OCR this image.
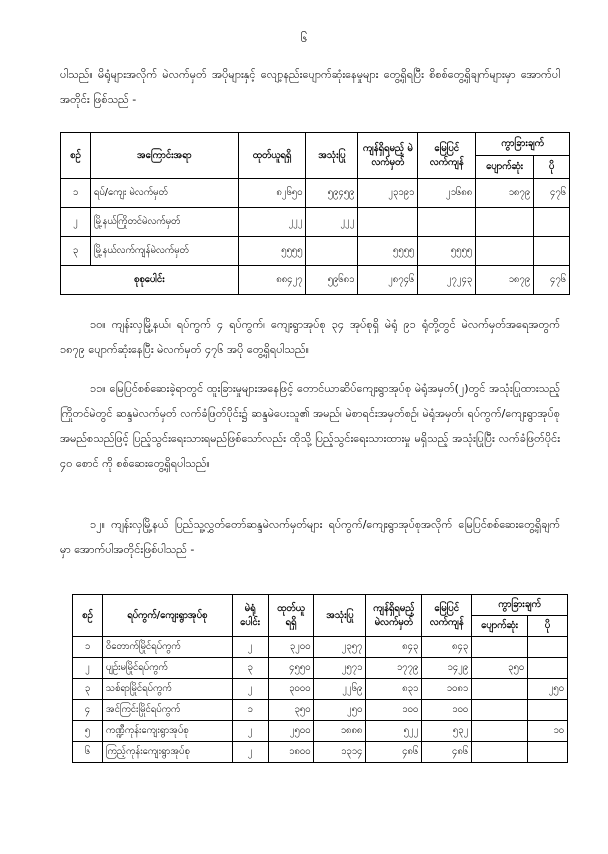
၆

ပါသည်။ မိရုံများအလိုက် မဲလက်မှတ် အပိုများနှင့် လျော့နည်းပျောက်ဆုံးနေမှုများ တွေ့ရှိရပြီး စိစစ်တွေ့ရှိချက်များမှာ အောက်ပါအတိုင်း ဖြစ်သည် -

စဉ်	အကြောင်းအရာ	ထုတ်ယူရရှိ	အသုံးပြု	ကျန်ရှိရမည့် မဲလက်မှတ်	မြေပြင် လက်ကျန်	ကွာခြားချက်	
						ပျောက်ဆုံး	ပို
၁	ရပ်/ကျေး မဲလက်မှတ်	၈၂၆၅၀	၅၉၄၅၉	၂၃၁၉၁	၂၁၆၈၈	၁၈၇၉	၄၇၆
၂	မြို့နယ်ကြိုတင်မဲလက်မှတ်	၂၂၂	၂၂၂				
၃	မြို့နယ်လက်ကျန်မဲလက်မှတ်	၅၅၅၅		၅၅၅၅	၅၅၅၅		
စုစုပေါင်း		၈၈၄၂၇	၅၉၆၈၁	၂၈၇၄၆	၂၇၂၄၃	၁၈၇၉	၄၇၆

၁၀။ ကျန်းလှမြို့နယ်၊ ရပ်ကွက် ၄ ရပ်ကွက်၊ ကျေးရွာအုပ်စု ၃၄ အုပ်စုရှိ မဲရုံ ၉၁ ရုံတို့တွင် မဲလက်မှတ်အရေအတွက် ၁၈၇၉ ပျောက်ဆုံးနေပြီး မဲလက်မှတ် ၄၇၆ အပို တွေ့ရှိရပါသည်။

၁၁။ မြေပြင်စစ်ဆေးခဲ့ရာတွင် ထူးခြားမှုများအနေဖြင့် တောင်ယာဆိပ်ကျေးရွာအုပ်စု မဲရုံအမှတ်(၂)တွင် အသုံးပြုထားသည့် ကြိုတင်မဲတွင် ဆန္ဒမဲလက်မှတ် လက်ခံဖြတ်ပိုင်း၌ ဆန္ဒမဲပေးသူ၏ အမည်၊ မဲစာရင်းအမှတ်စဉ်၊ မဲရုံအမှတ်၊ ရပ်ကွက်/ကျေးရွာအုပ်စုအမည်စသည်ဖြင့် ပြည့်သွင်းရေးသားရမည်ဖြစ်သော်လည်း ထိုသို့ ပြည့်သွင်းရေးသားထားမှု မရှိသည့် အသုံးပြုပြီး လက်ခံဖြတ်ပိုင်း ၄၀ စောင် ကို စစ်ဆေးတွေ့ရှိရပါသည်။

၁၂။ ကျန်းလှမြို့နယ် ပြည်သူ့လွှတ်တော်ဆန္ဒမဲလက်မှတ်များ ရပ်ကွက်/ကျေးရွာအုပ်စုအလိုက် မြေပြင်စစ်ဆေးတွေ့ရှိချက်မှာ အောက်ပါအတိုင်းဖြစ်ပါသည် -

စဉ်	ရပ်ကွက်/ကျေးရွာအုပ်စု	မဲရုံ ပေါင်း	ထုတ်ယူ ရရှိ	အသုံးပြု	ကျန်ရှိရမည့် မဲလက်မှတ်	မြေပြင် လက်ကျန်	ကွာခြားချက်	
							ပျောက်ဆုံး	ပို
၁	ဝိတောက်မြိုင်ရပ်ကွက်	၂	၃၂၀၀	၂၃၅၇	၈၄၃	၈၄၃		
၂	ပျဉ်းမမြိုင်ရပ်ကွက်	၃	၄၅၅၀	၂၅၇၁	၁၇၇၉	၁၄၂၉	၃၅၀	
၃	သစ်ရာမြိုင်ရပ်ကွက်	၂	၃၀၀၀	၂၂၆၉	၈၃၁	၁၀၈၁		၂၅၀
၄	အင်ကြင်းမြိုင်ရပ်ကွက်	၁	၃၅၀	၂၅၀	၁၀၀	၁၀၀		
၅	ကဏ္ဍီကုန်းကျေးရွာအုပ်စု	၂	၂၅၀၀	၁၈၈၈	၅၂၂	၅၃၂		၁၀
၆	ကြည့်ကုန်းကျေးရွာအုပ်စု	၂	၁၈၀၀	၁၃၁၄	၄၈၆	၄၈၆		
